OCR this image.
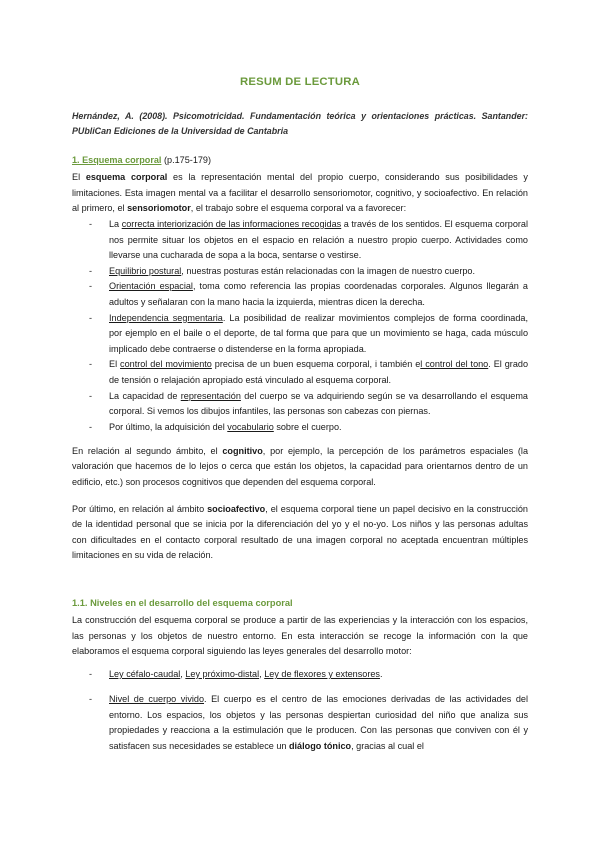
RESUM DE LECTURA
Hernández, A. (2008). Psicomotricidad. Fundamentación teórica y orientaciones prácticas. Santander: PUbliCan Ediciones de la Universidad de Cantabria
1. Esquema corporal (p.175-179)
El esquema corporal es la representación mental del propio cuerpo, considerando sus posibilidades y limitaciones. Esta imagen mental va a facilitar el desarrollo sensoriomotor, cognitivo, y socioafectivo. En relación al primero, el sensoriomotor, el trabajo sobre el esquema corporal va a favorecer:
- La correcta interiorización de las informaciones recogidas a través de los sentidos. El esquema corporal nos permite situar los objetos en el espacio en relación a nuestro propio cuerpo. Actividades como llevarse una cucharada de sopa a la boca, sentarse o vestirse.
- Equilibrio postural, nuestras posturas están relacionadas con la imagen de nuestro cuerpo.
- Orientación espacial, toma como referencia las propias coordenadas corporales. Algunos llegarán a adultos y señalaran con la mano hacia la izquierda, mientras dicen la derecha.
- Independencia segmentaria. La posibilidad de realizar movimientos complejos de forma coordinada, por ejemplo en el baile o el deporte, de tal forma que para que un movimiento se haga, cada músculo implicado debe contraerse o distenderse en la forma apropiada.
- El control del movimiento precisa de un buen esquema corporal, i también el control del tono. El grado de tensión o relajación apropiado está vinculado al esquema corporal.
- La capacidad de representación del cuerpo se va adquiriendo según se va desarrollando el esquema corporal. Si vemos los dibujos infantiles, las personas son cabezas con piernas.
- Por último, la adquisición del vocabulario sobre el cuerpo.
En relación al segundo ámbito, el cognitivo, por ejemplo, la percepción de los parámetros espaciales (la valoración que hacemos de lo lejos o cerca que están los objetos, la capacidad para orientarnos dentro de un edificio, etc.) son procesos cognitivos que dependen del esquema corporal.
Por último, en relación al ámbito socioafectivo, el esquema corporal tiene un papel decisivo en la construcción de la identidad personal que se inicia por la diferenciación del yo y el no-yo. Los niños y las personas adultas con dificultades en el contacto corporal resultado de una imagen corporal no aceptada encuentran múltiples limitaciones en su vida de relación.
1.1. Niveles en el desarrollo del esquema corporal
La construcción del esquema corporal se produce a partir de las experiencias y la interacción con los espacios, las personas y los objetos de nuestro entorno. En esta interacción se recoge la información con la que elaboramos el esquema corporal siguiendo las leyes generales del desarrollo motor:
- Ley céfalo-caudal, Ley próximo-distal, Ley de flexores y extensores.
- Nivel de cuerpo vivido. El cuerpo es el centro de las emociones derivadas de las actividades del entorno. Los espacios, los objetos y las personas despiertan curiosidad del niño que analiza sus propiedades y reacciona a la estimulación que le producen. Con las personas que conviven con él y satisfacen sus necesidades se establece un diálogo tónico, gracias al cual el
